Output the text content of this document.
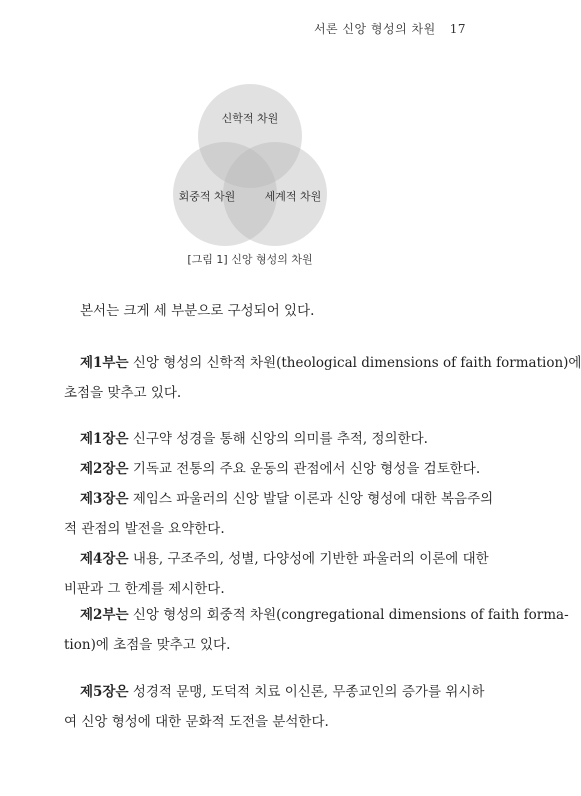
서론 신앙 형성의 차원 17
신학적 차원
회중적 차원	세계적 차원
[그림 1] 신앙 형성의 차원
본서는 크게 세 부분으로 구성되어 있다.
제1부는 신앙 형성의 신학적 차원(theological dimensions of faith formation)에
초점을 맞추고 있다.
제1장은 신구약 성경을 통해 신앙의 의미를 추적, 정의한다.
제2장은 기독교 전통의 주요 운동의 관점에서 신앙 형성을 검토한다.
제3장은 제임스 파울러의 신앙 발달 이론과 신앙 형성에 대한 복음주의
적 관점의 발전을 요약한다.
제4장은 내용, 구조주의, 성별, 다양성에 기반한 파울러의 이론에 대한
비판과 그 한계를 제시한다.
제2부는 신앙 형성의 회중적 차원(congregational dimensions of faith forma-
tion)에 초점을 맞추고 있다.
제5장은 성경적 문맹, 도덕적 치료 이신론, 무종교인의 증가를 위시하
여 신앙 형성에 대한 문화적 도전을 분석한다.
